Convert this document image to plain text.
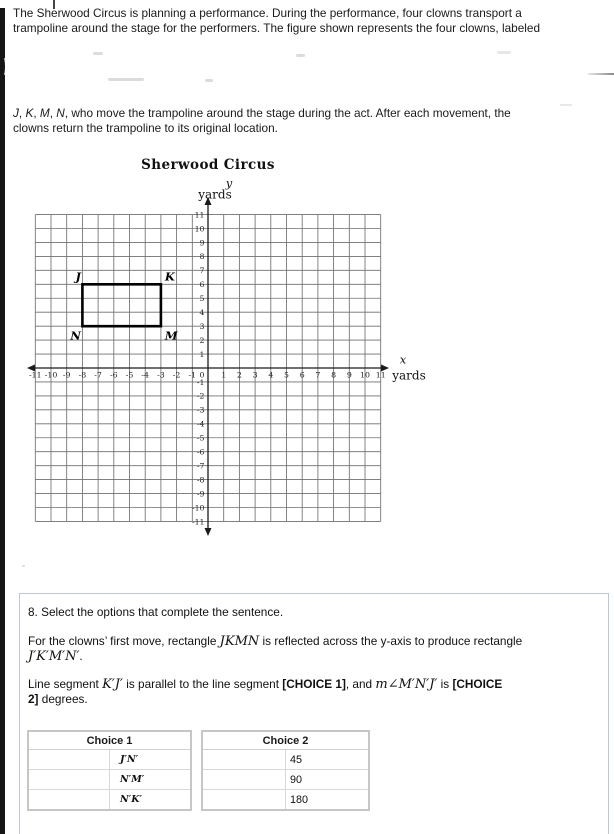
The Sherwood Circus is planning a performance. During the performance, four clowns transport a
trampoline around the stage for the performers. The figure shown represents the four clowns, labeled
J, K, M, N, who move the trampoline around the stage during the act. After each movement, the
clowns return the trampoline to its original location.
-11 -10 -9 -8 -7 -6 -5 -4 -3 -2 -1 0 1 2 3 4 5 6 7 8 9 10 11
-11
-10
-9
-8
-7
-6
-5
-4
-3
-2
-1
1
2
3
4
5
6
7
8
9
10
11
Sherwood Circus
y
yards
x
yards
J	K
M
N
8. Select the options that complete the sentence.
For the clowns’ first move, rectangle JKMN is reflected across the y-axis to produce rectangle
J′K′M′N′.
Line segment K′J′ is parallel to the line segment [CHOICE 1], and m∠M′N′J′ is [CHOICE
2] degrees.
Choice 1	
	J′N′
	N′M′
	N′K′
Choice 2	
	45
	90
	180
